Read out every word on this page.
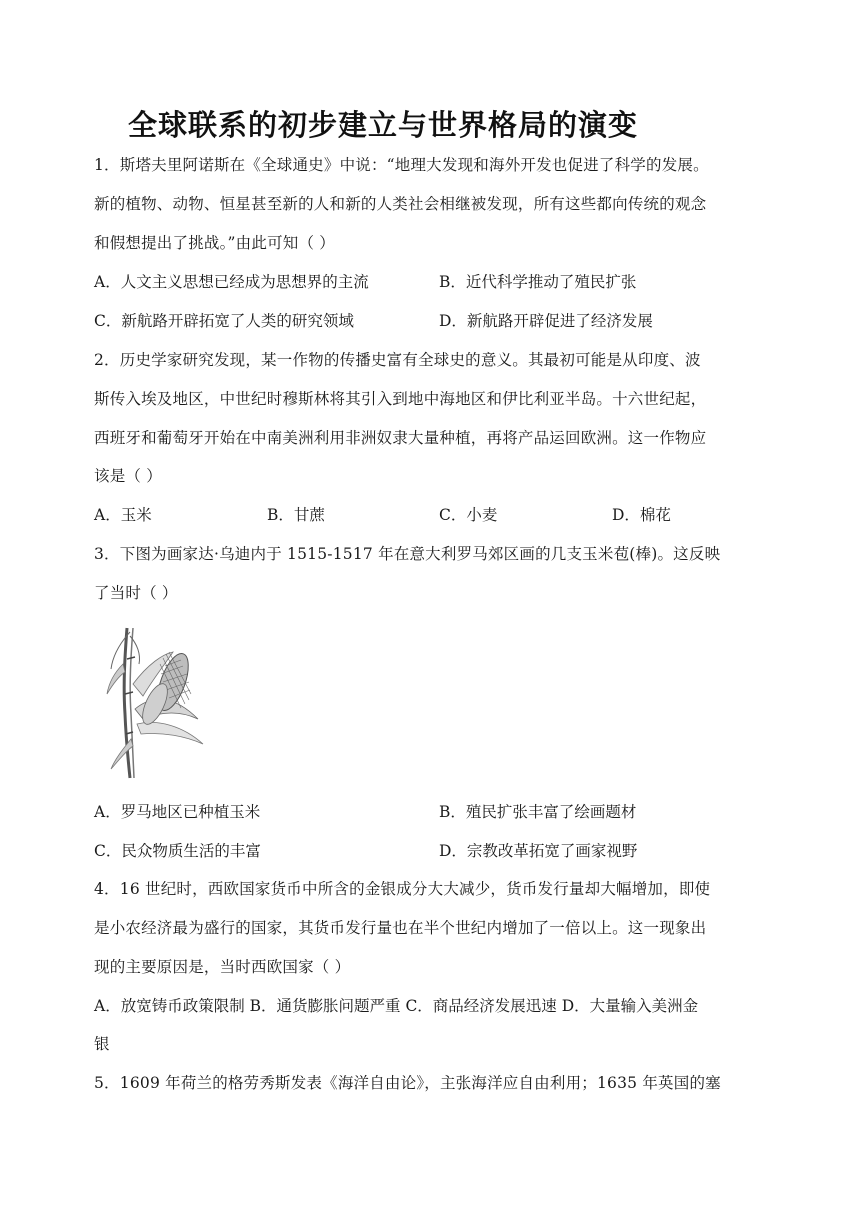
全球联系的初步建立与世界格局的演变
1．斯塔夫里阿诺斯在《全球通史》中说：“地理大发现和海外开发也促进了科学的发展。
新的植物、动物、恒星甚至新的人和新的人类社会相继被发现，所有这些都向传统的观念
和假想提出了挑战。”由此可知（ ）
A．人文主义思想已经成为思想界的主流	B．近代科学推动了殖民扩张
C．新航路开辟拓宽了人类的研究领域	D．新航路开辟促进了经济发展
2．历史学家研究发现，某一作物的传播史富有全球史的意义。其最初可能是从印度、波
斯传入埃及地区，中世纪时穆斯林将其引入到地中海地区和伊比利亚半岛。十六世纪起，
西班牙和葡萄牙开始在中南美洲利用非洲奴隶大量种植，再将产品运回欧洲。这一作物应
该是（ ）
A．玉米	B．甘蔗	C．小麦	D．棉花
3．下图为画家达·乌迪内于 1515-1517 年在意大利罗马郊区画的几支玉米苞(棒)。这反映
了当时（ ）
A．罗马地区已种植玉米	B．殖民扩张丰富了绘画题材
C．民众物质生活的丰富	D．宗教改革拓宽了画家视野
4．16 世纪时，西欧国家货币中所含的金银成分大大减少，货币发行量却大幅增加，即使
是小农经济最为盛行的国家，其货币发行量也在半个世纪内增加了一倍以上。这一现象出
现的主要原因是，当时西欧国家（ ）
A．放宽铸币政策限制 B．通货膨胀问题严重 C．商品经济发展迅速 D．大量输入美洲金
银
5．1609 年荷兰的格劳秀斯发表《海洋自由论》，主张海洋应自由利用；1635 年英国的塞
